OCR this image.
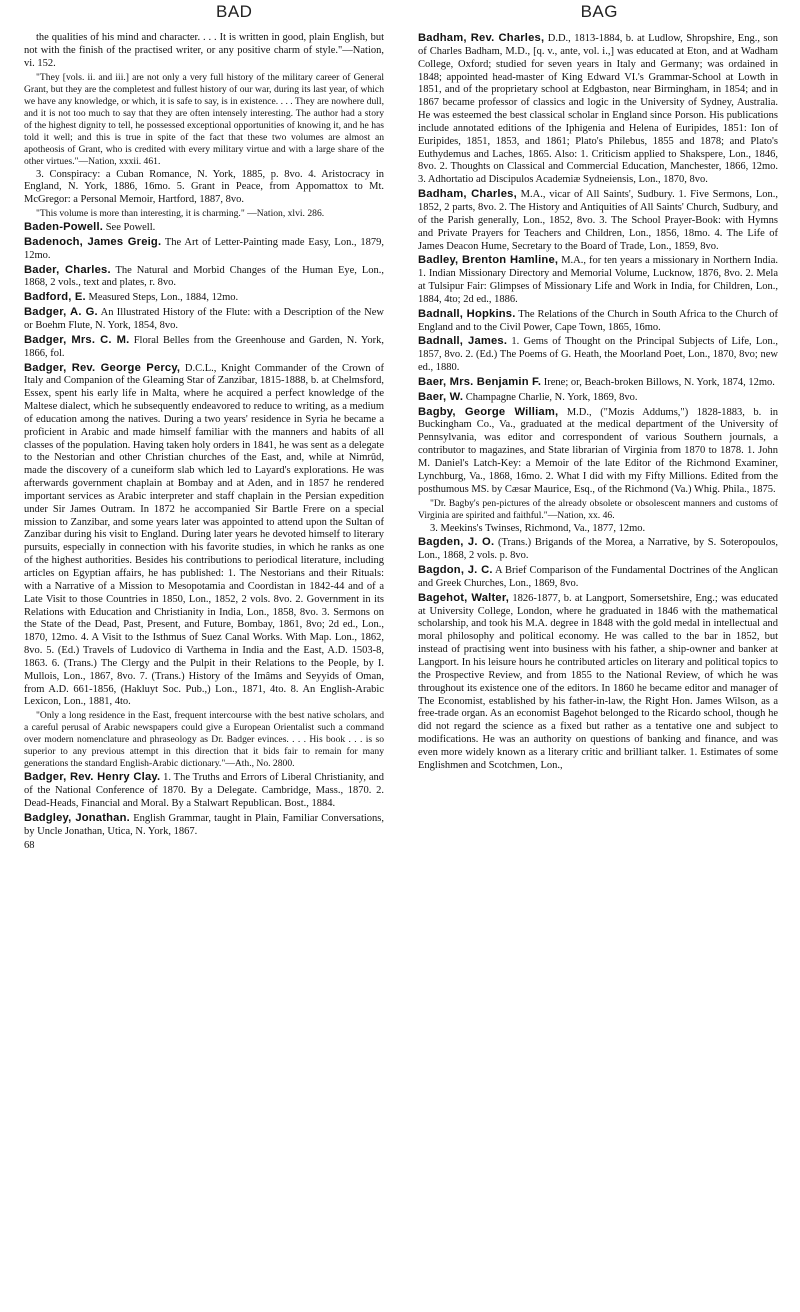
BAD	BAG

the qualities of his mind and character. . . . It is written in good, plain English, but not with the finish of the practised writer, or any positive charm of style."—Nation, vi. 152.

"They [vols. ii. and iii.] are not only a very full history of the military career of General Grant, but they are the completest and fullest history of our war, during its last year, of which we have any knowledge, or which, it is safe to say, is in existence. . . . They are nowhere dull, and it is not too much to say that they are often intensely interesting. The author had a story of the highest dignity to tell, he possessed exceptional opportunities of knowing it, and he has told it well; and this is true in spite of the fact that these two volumes are almost an apotheosis of Grant, who is credited with every military virtue and with a large share of the other virtues."—Nation, xxxii. 461.

3. Conspiracy: a Cuban Romance, N. York, 1885, p. 8vo. 4. Aristocracy in England, N. York, 1886, 16mo. 5. Grant in Peace, from Appomattox to Mt. McGregor: a Personal Memoir, Hartford, 1887, 8vo.

"This volume is more than interesting, it is charming." —Nation, xlvi. 286.

Baden-Powell. See Powell.

Badenoch, James Greig. The Art of Letter-Painting made Easy, Lon., 1879, 12mo.

Bader, Charles. The Natural and Morbid Changes of the Human Eye, Lon., 1868, 2 vols., text and plates, r. 8vo.

Badford, E. Measured Steps, Lon., 1884, 12mo.

Badger, A. G. An Illustrated History of the Flute: with a Description of the New or Boehm Flute, N. York, 1854, 8vo.

Badger, Mrs. C. M. Floral Belles from the Greenhouse and Garden, N. York, 1866, fol.

Badger, Rev. George Percy, D.C.L., Knight Commander of the Crown of Italy and Companion of the Gleaming Star of Zanzibar, 1815-1888, b. at Chelmsford, Essex, spent his early life in Malta, where he acquired a perfect knowledge of the Maltese dialect, which he subsequently endeavored to reduce to writing, as a medium of education among the natives. During a two years' residence in Syria he became a proficient in Arabic and made himself familiar with the manners and habits of all classes of the population. Having taken holy orders in 1841, he was sent as a delegate to the Nestorian and other Christian churches of the East, and, while at Nimrûd, made the discovery of a cuneiform slab which led to Layard's explorations. He was afterwards government chaplain at Bombay and at Aden, and in 1857 he rendered important services as Arabic interpreter and staff chaplain in the Persian expedition under Sir James Outram. In 1872 he accompanied Sir Bartle Frere on a special mission to Zanzibar, and some years later was appointed to attend upon the Sultan of Zanzibar during his visit to England. During later years he devoted himself to literary pursuits, especially in connection with his favorite studies, in which he ranks as one of the highest authorities. Besides his contributions to periodical literature, including articles on Egyptian affairs, he has published: 1. The Nestorians and their Rituals: with a Narrative of a Mission to Mesopotamia and Coordistan in 1842-44 and of a Late Visit to those Countries in 1850, Lon., 1852, 2 vols. 8vo. 2. Government in its Relations with Education and Christianity in India, Lon., 1858, 8vo. 3. Sermons on the State of the Dead, Past, Present, and Future, Bombay, 1861, 8vo; 2d ed., Lon., 1870, 12mo. 4. A Visit to the Isthmus of Suez Canal Works. With Map. Lon., 1862, 8vo. 5. (Ed.) Travels of Ludovico di Varthema in India and the East, A.D. 1503-8, 1863. 6. (Trans.) The Clergy and the Pulpit in their Relations to the People, by I. Mullois, Lon., 1867, 8vo. 7. (Trans.) History of the Imâms and Seyyids of Oman, from A.D. 661-1856, (Hakluyt Soc. Pub.,) Lon., 1871, 4to. 8. An English-Arabic Lexicon, Lon., 1881, 4to.

"Only a long residence in the East, frequent intercourse with the best native scholars, and a careful perusal of Arabic newspapers could give a European Orientalist such a command over modern nomenclature and phraseology as Dr. Badger evinces. . . . His book . . . is so superior to any previous attempt in this direction that it bids fair to remain for many generations the standard English-Arabic dictionary."—Ath., No. 2800.

Badger, Rev. Henry Clay. 1. The Truths and Errors of Liberal Christianity, and of the National Conference of 1870. By a Delegate. Cambridge, Mass., 1870. 2. Dead-Heads, Financial and Moral. By a Stalwart Republican. Bost., 1884.

Badgley, Jonathan. English Grammar, taught in Plain, Familiar Conversations, by Uncle Jonathan, Utica, N. York, 1867.

68

Badham, Rev. Charles, D.D., 1813-1884, b. at Ludlow, Shropshire, Eng., son of Charles Badham, M.D., [q. v., ante, vol. i.,] was educated at Eton, and at Wadham College, Oxford; studied for seven years in Italy and Germany; was ordained in 1848; appointed head-master of King Edward VI.'s Grammar-School at Lowth in 1851, and of the proprietary school at Edgbaston, near Birmingham, in 1854; and in 1867 became professor of classics and logic in the University of Sydney, Australia. He was esteemed the best classical scholar in England since Porson. His publications include annotated editions of the Iphigenia and Helena of Euripides, 1851: Ion of Euripides, 1851, 1853, and 1861; Plato's Philebus, 1855 and 1878; and Plato's Euthydemus and Laches, 1865. Also: 1. Criticism applied to Shakspere, Lon., 1846, 8vo. 2. Thoughts on Classical and Commercial Education, Manchester, 1866, 12mo. 3. Adhortatio ad Discipulos Academiæ Sydneiensis, Lon., 1870, 8vo.

Badham, Charles, M.A., vicar of All Saints', Sudbury. 1. Five Sermons, Lon., 1852, 2 parts, 8vo. 2. The History and Antiquities of All Saints' Church, Sudbury, and of the Parish generally, Lon., 1852, 8vo. 3. The School Prayer-Book: with Hymns and Private Prayers for Teachers and Children, Lon., 1856, 18mo. 4. The Life of James Deacon Hume, Secretary to the Board of Trade, Lon., 1859, 8vo.

Badley, Brenton Hamline, M.A., for ten years a missionary in Northern India. 1. Indian Missionary Directory and Memorial Volume, Lucknow, 1876, 8vo. 2. Mela at Tulsipur Fair: Glimpses of Missionary Life and Work in India, for Children, Lon., 1884, 4to; 2d ed., 1886.

Badnall, Hopkins. The Relations of the Church in South Africa to the Church of England and to the Civil Power, Cape Town, 1865, 16mo.

Badnall, James. 1. Gems of Thought on the Principal Subjects of Life, Lon., 1857, 8vo. 2. (Ed.) The Poems of G. Heath, the Moorland Poet, Lon., 1870, 8vo; new ed., 1880.

Baer, Mrs. Benjamin F. Irene; or, Beach-broken Billows, N. York, 1874, 12mo.

Baer, W. Champagne Charlie, N. York, 1869, 8vo.

Bagby, George William, M.D., ("Mozis Addums,") 1828-1883, b. in Buckingham Co., Va., graduated at the medical department of the University of Pennsylvania, was editor and correspondent of various Southern journals, a contributor to magazines, and State librarian of Virginia from 1870 to 1878. 1. John M. Daniel's Latch-Key: a Memoir of the late Editor of the Richmond Examiner, Lynchburg, Va., 1868, 16mo. 2. What I did with my Fifty Millions. Edited from the posthumous MS. by Cæsar Maurice, Esq., of the Richmond (Va.) Whig. Phila., 1875.

"Dr. Bagby's pen-pictures of the already obsolete or obsolescent manners and customs of Virginia are spirited and faithful."—Nation, xx. 46.

3. Meekins's Twinses, Richmond, Va., 1877, 12mo.

Bagden, J. O. (Trans.) Brigands of the Morea, a Narrative, by S. Soteropoulos, Lon., 1868, 2 vols. p. 8vo.

Bagdon, J. C. A Brief Comparison of the Fundamental Doctrines of the Anglican and Greek Churches, Lon., 1869, 8vo.

Bagehot, Walter, 1826-1877, b. at Langport, Somersetshire, Eng.; was educated at University College, London, where he graduated in 1846 with the mathematical scholarship, and took his M.A. degree in 1848 with the gold medal in intellectual and moral philosophy and political economy. He was called to the bar in 1852, but instead of practising went into business with his father, a ship-owner and banker at Langport. In his leisure hours he contributed articles on literary and political topics to the Prospective Review, and from 1855 to the National Review, of which he was throughout its existence one of the editors. In 1860 he became editor and manager of The Economist, established by his father-in-law, the Right Hon. James Wilson, as a free-trade organ. As an economist Bagehot belonged to the Ricardo school, though he did not regard the science as a fixed but rather as a tentative one and subject to modifications. He was an authority on questions of banking and finance, and was even more widely known as a literary critic and brilliant talker. 1. Estimates of some Englishmen and Scotchmen, Lon.,
